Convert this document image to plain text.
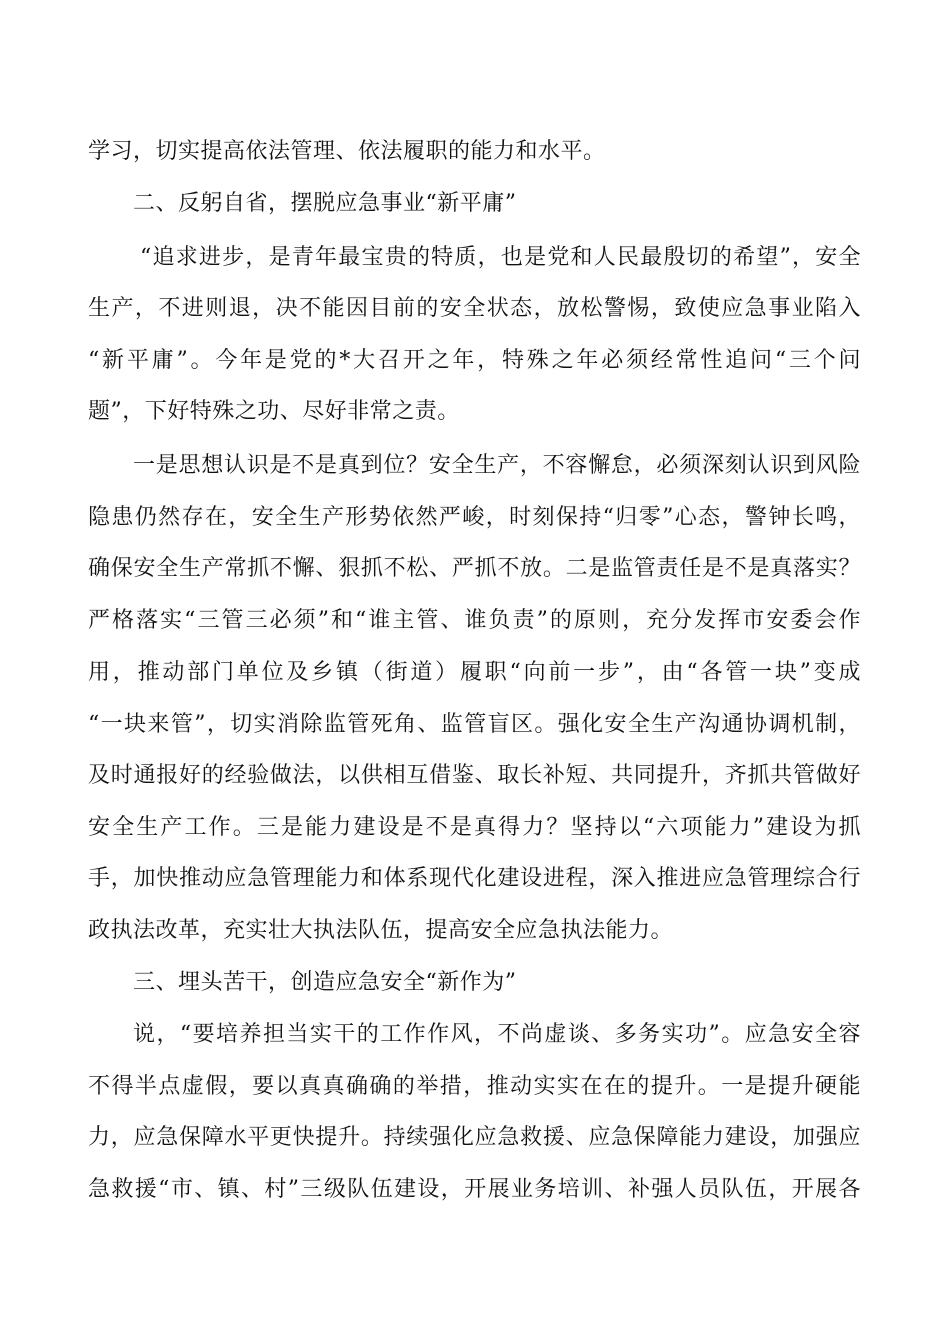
学习，切实提高依法管理、依法履职的能力和水平。
二、反躬自省，摆脱应急事业“新平庸”
“追求进步，是青年最宝贵的特质，也是党和人民最殷切的希望”，安全
生产，不进则退，决不能因目前的安全状态，放松警惕，致使应急事业陷入
“新平庸”。今年是党的*大召开之年，特殊之年必须经常性追问“三个问
题”，下好特殊之功、尽好非常之责。
一是思想认识是不是真到位？安全生产，不容懈怠，必须深刻认识到风险
隐患仍然存在，安全生产形势依然严峻，时刻保持“归零”心态，警钟长鸣，
确保安全生产常抓不懈、狠抓不松、严抓不放。二是监管责任是不是真落实？
严格落实“三管三必须”和“谁主管、谁负责”的原则，充分发挥市安委会作
用，推动部门单位及乡镇（街道）履职“向前一步”，由“各管一块”变成
“一块来管”，切实消除监管死角、监管盲区。强化安全生产沟通协调机制，
及时通报好的经验做法，以供相互借鉴、取长补短、共同提升，齐抓共管做好
安全生产工作。三是能力建设是不是真得力？坚持以“六项能力”建设为抓
手，加快推动应急管理能力和体系现代化建设进程，深入推进应急管理综合行
政执法改革，充实壮大执法队伍，提高安全应急执法能力。
三、埋头苦干，创造应急安全“新作为”
说，“要培养担当实干的工作作风，不尚虚谈、多务实功”。应急安全容
不得半点虚假，要以真真确确的举措，推动实实在在的提升。一是提升硬能
力，应急保障水平更快提升。持续强化应急救援、应急保障能力建设，加强应
急救援“市、镇、村”三级队伍建设，开展业务培训、补强人员队伍，开展各
